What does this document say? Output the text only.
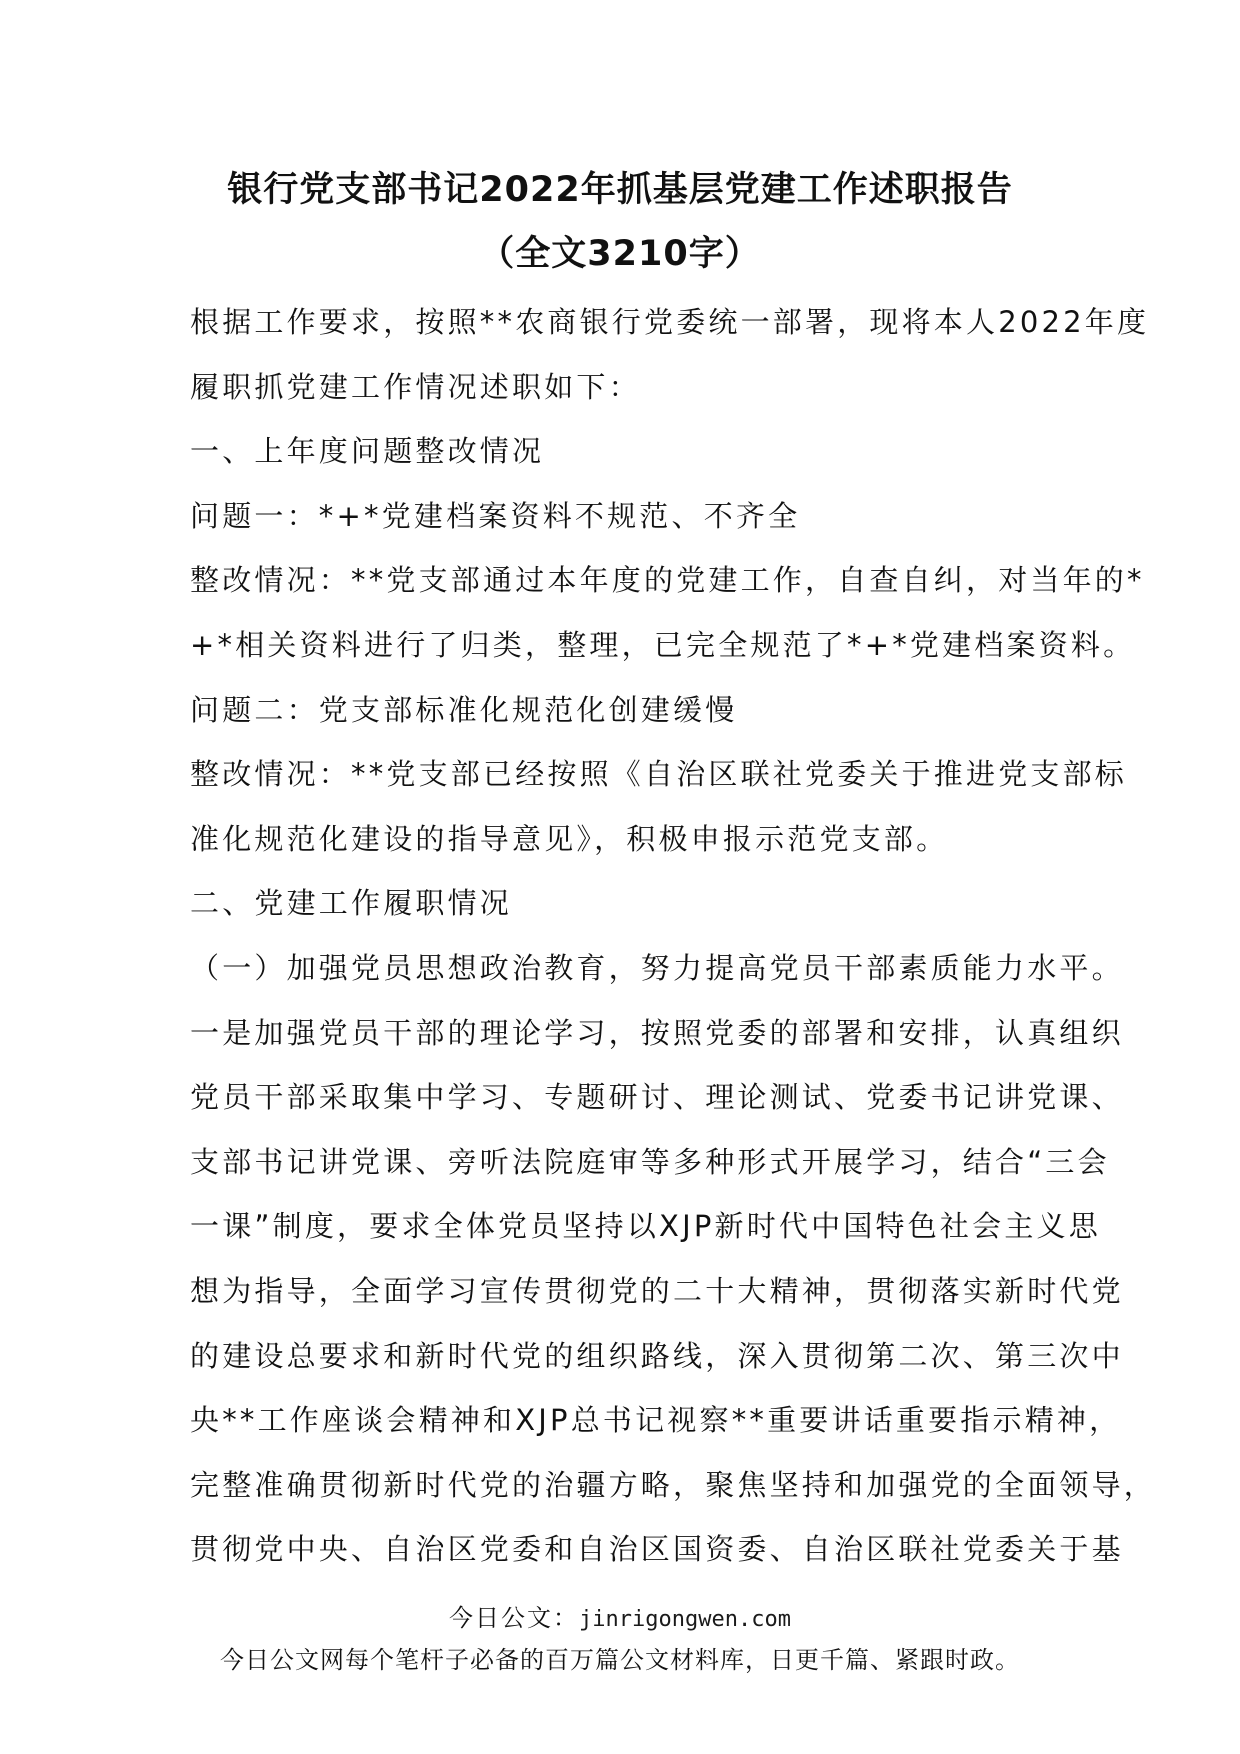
银行党支部书记2022年抓基层党建工作述职报告
（全文3210字）
根据工作要求，按照**农商银行党委统一部署，现将本人2022年度
履职抓党建工作情况述职如下：
一、上年度问题整改情况
问题一：*+*党建档案资料不规范、不齐全
整改情况：**党支部通过本年度的党建工作，自查自纠，对当年的*
+*相关资料进行了归类，整理，已完全规范了*+*党建档案资料。
问题二：党支部标准化规范化创建缓慢
整改情况：**党支部已经按照《自治区联社党委关于推进党支部标
准化规范化建设的指导意见》，积极申报示范党支部。
二、党建工作履职情况
（一）加强党员思想政治教育，努力提高党员干部素质能力水平。
一是加强党员干部的理论学习，按照党委的部署和安排，认真组织
党员干部采取集中学习、专题研讨、理论测试、党委书记讲党课、
支部书记讲党课、旁听法院庭审等多种形式开展学习，结合“三会
一课”制度，要求全体党员坚持以XJP新时代中国特色社会主义思
想为指导，全面学习宣传贯彻党的二十大精神，贯彻落实新时代党
的建设总要求和新时代党的组织路线，深入贯彻第二次、第三次中
央**工作座谈会精神和XJP总书记视察**重要讲话重要指示精神，
完整准确贯彻新时代党的治疆方略，聚焦坚持和加强党的全面领导，
贯彻党中央、自治区党委和自治区国资委、自治区联社党委关于基
今日公文：jinrigongwen.com
今日公文网每个笔杆子必备的百万篇公文材料库，日更千篇、紧跟时政。
